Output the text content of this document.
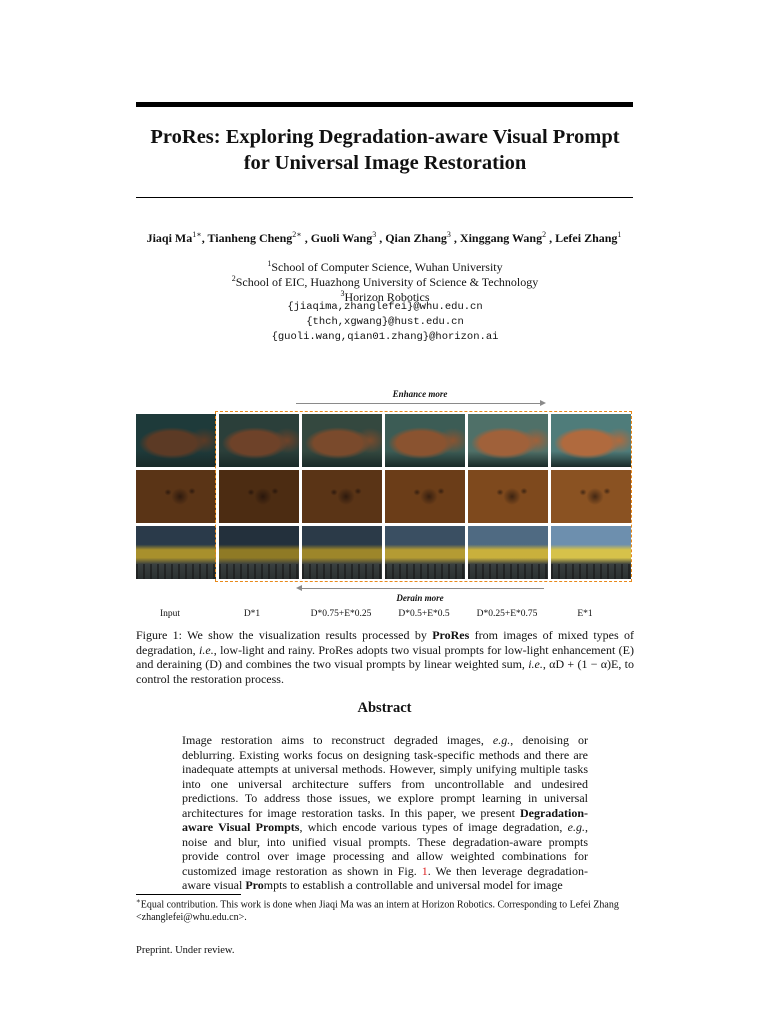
ProRes: Exploring Degradation-aware Visual Prompt
for Universal Image Restoration
Jiaqi $Ma^{1∗}$, Tianheng Cheng$^{2∗}$ , Guoli Wang$^3$ , Qian Zhang$^3$ , Xinggang Wang$^2$ , Lefei Zhang$^1$
$^1$School of Computer Science, Wuhan University
$^2$School of EIC, Huazhong University of Science & Technology
$^3$Horizon Robotics
{jiaqima,zhanglefei}@whu.edu.cn
{thch,xgwang}@hust.edu.cn
{guoli.wang,qian01.zhang}@horizon.ai
Enhance more
Derain more
Input	D*1	D*0.75+E*0.25	D*0.5+E*0.5	D*0.25+E*0.75	E*1
Figure 1: We show the visualization results processed by ProRes from images of mixed types of degradation, i.e., low-light and rainy. ProRes adopts two visual prompts for low-light enhancement (E) and deraining (D) and combines the two visual prompts by linear weighted sum, i.e., αD + (1 − α)E, to control the restoration process.
Abstract
Image restoration aims to reconstruct degraded images, e.g., denoising or deblurring. Existing works focus on designing task-specific methods and there are inadequate attempts at universal methods. However, simply unifying multiple tasks into one universal architecture suffers from uncontrollable and undesired predictions. To address those issues, we explore prompt learning in universal architectures for image restoration tasks. In this paper, we present Degradation-aware Visual Prompts, which encode various types of image degradation, e.g., noise and blur, into unified visual prompts. These degradation-aware prompts provide control over image processing and allow weighted combinations for customized image restoration as shown in Fig. 1. We then leverage degradation-aware visual Prompts to establish a controllable and universal model for image
∗Equal contribution. This work is done when Jiaqi Ma was an intern at Horizon Robotics. Corresponding to Lefei Zhang <zhanglefei@whu.edu.cn>.
Preprint. Under review.
